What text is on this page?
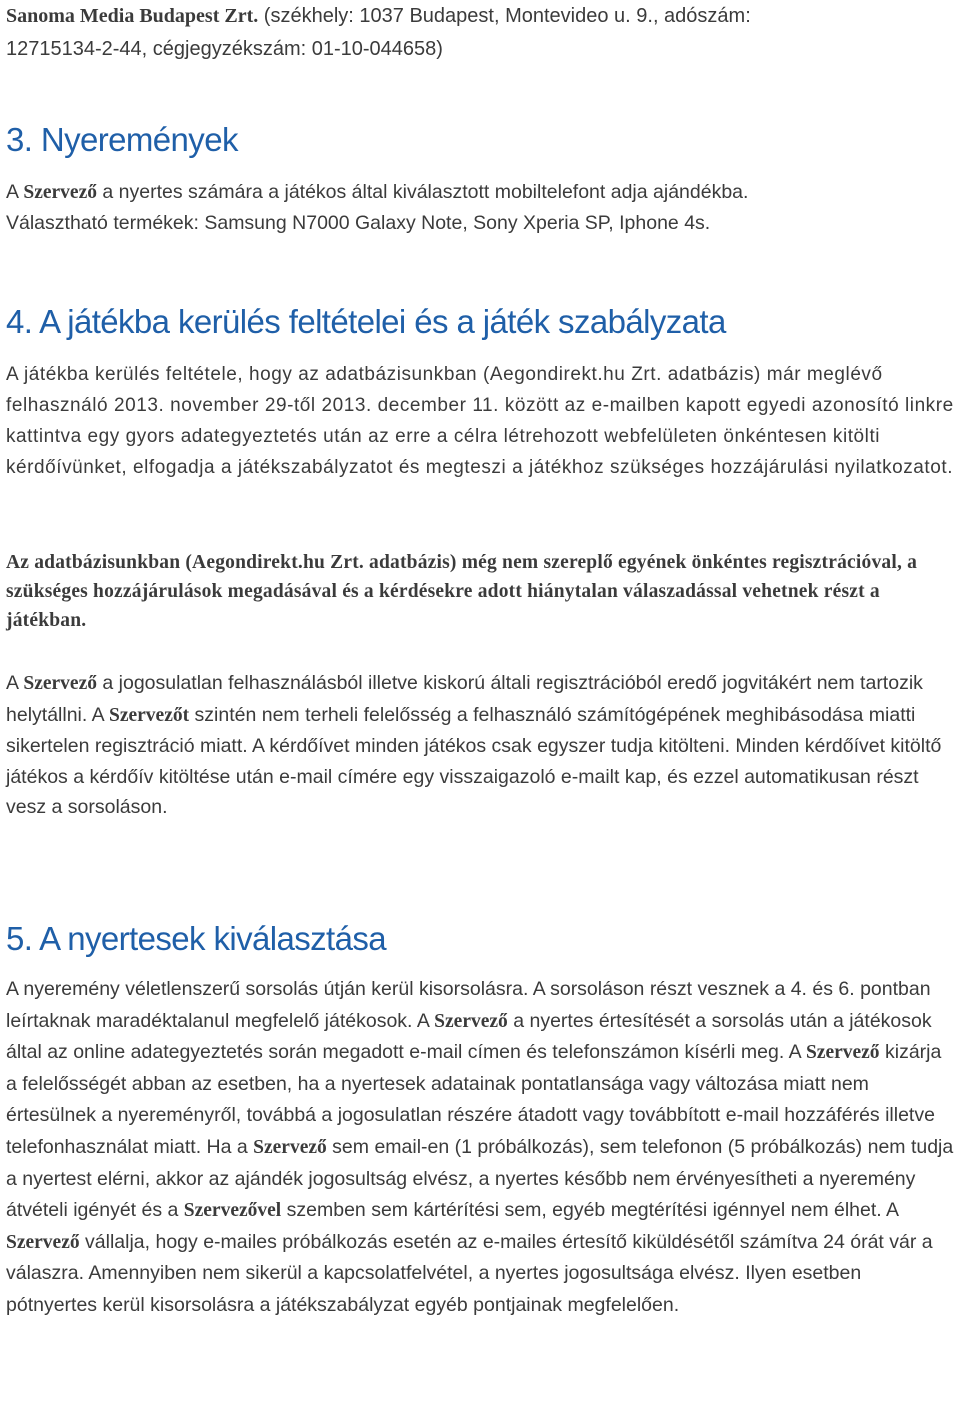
Sanoma Media Budapest Zrt. (székhely: 1037 Budapest, Montevideo u. 9., adószám:
12715134-2-44, cégjegyzékszám: 01-10-044658)

3. Nyeremények

A Szervező a nyertes számára a játékos által kiválasztott mobiltelefont adja ajándékba.
Választható termékek: Samsung N7000 Galaxy Note, Sony Xperia SP, Iphone 4s.

4. A játékba kerülés feltételei és a játék szabályzata

A játékba kerülés feltétele, hogy az adatbázisunkban (Aegondirekt.hu Zrt. adatbázis) már meglévő felhasználó 2013. november 29-től 2013. december 11. között az e-mailben kapott egyedi azonosító linkre kattintva egy gyors adategyeztetés után az erre a célra létrehozott webfelületen önkéntesen kitölti kérdőívünket, elfogadja a játékszabályzatot és megteszi a játékhoz szükséges hozzájárulási nyilatkozatot.

Az adatbázisunkban (Aegondirekt.hu Zrt. adatbázis) még nem szereplő egyének önkéntes regisztrációval, a szükséges hozzájárulások megadásával és a kérdésekre adott hiánytalan válaszadással vehetnek részt a játékban.

A Szervező a jogosulatlan felhasználásból illetve kiskorú általi regisztrációból eredő jogvitákért nem tartozik helytállni. A Szervezőt szintén nem terheli felelősség a felhasználó számítógépének meghibásodása miatti sikertelen regisztráció miatt. A kérdőívet minden játékos csak egyszer tudja kitölteni. Minden kérdőívet kitöltő játékos a kérdőív kitöltése után e-mail címére egy visszaigazoló e-mailt kap, és ezzel automatikusan részt vesz a sorsoláson.

5. A nyertesek kiválasztása

A nyeremény véletlenszerű sorsolás útján kerül kisorsolásra. A sorsoláson részt vesznek a 4. és 6. pontban leírtaknak maradéktalanul megfelelő játékosok. A Szervező a nyertes értesítését a sorsolás után a játékosok által az online adategyeztetés során megadott e-mail címen és telefonszámon kísérli meg. A Szervező kizárja a felelősségét abban az esetben, ha a nyertesek adatainak pontatlansága vagy változása miatt nem értesülnek a nyereményről, továbbá a jogosulatlan részére átadott vagy továbbított e-mail hozzáférés illetve telefonhasználat miatt. Ha a Szervező sem email-en (1 próbálkozás), sem telefonon (5 próbálkozás) nem tudja a nyertest elérni, akkor az ajándék jogosultság elvész, a nyertes később nem érvényesítheti a nyeremény átvételi igényét és a Szervezővel szemben sem kártérítési sem, egyéb megtérítési igénnyel nem élhet. A Szervező vállalja, hogy e-mailes próbálkozás esetén az e-mailes értesítő kiküldésétől számítva 24 órát vár a válaszra. Amennyiben nem sikerül a kapcsolatfelvétel, a nyertes jogosultsága elvész. Ilyen esetben pótnyertes kerül kisorsolásra a játékszabályzat egyéb pontjainak megfelelően.
